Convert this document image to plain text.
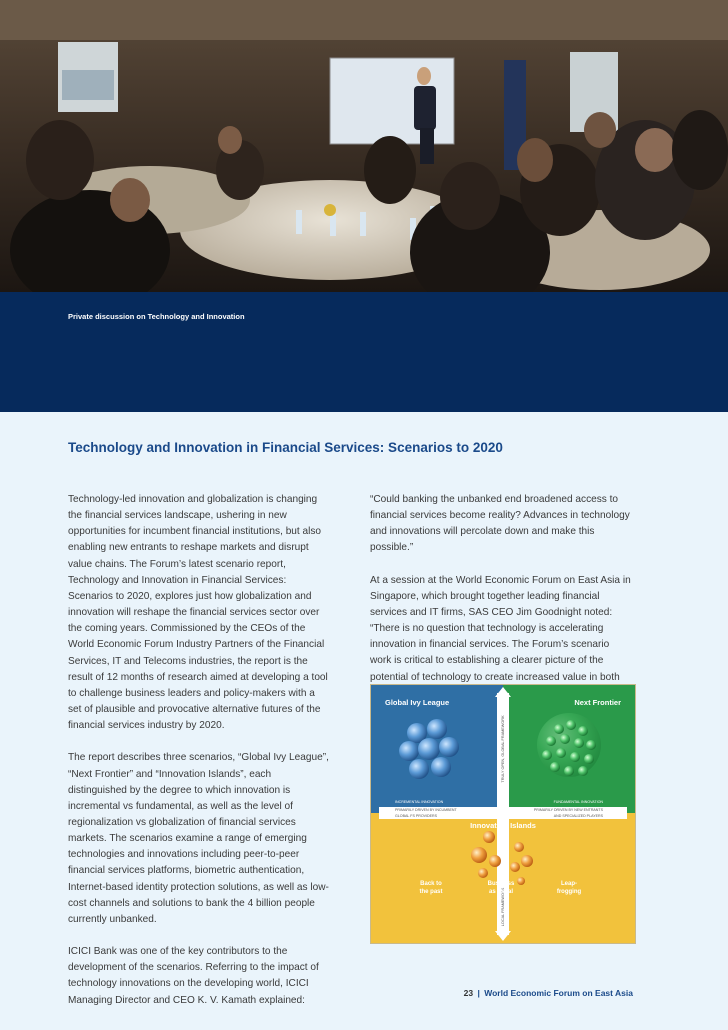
Private discussion on Technology and Innovation
Technology and Innovation in Financial Services: Scenarios to 2020

Technology-led innovation and globalization is changing the financial services landscape, ushering in new opportunities for incumbent financial institutions, but also enabling new entrants to reshape markets and disrupt value chains. The Forum’s latest scenario report, Technology and Innovation in Financial Services: Scenarios to 2020, explores just how globalization and innovation will reshape the financial services sector over the coming years. Commissioned by the CEOs of the World Economic Forum Industry Partners of the Financial Services, IT and Telecoms industries, the report is the result of 12 months of research aimed at developing a tool to challenge business leaders and policy-makers with a set of plausible and provocative alternative futures of the financial services industry by 2020.

The report describes three scenarios, “Global Ivy League”, “Next Frontier” and “Innovation Islands”, each distinguished by the degree to which innovation is incremental vs fundamental, as well as the level of regionalization vs globalization of financial services markets. The scenarios examine a range of emerging technologies and innovations including peer-to-peer financial services platforms, biometric authentication, Internet-based identity protection solutions, as well as low-cost channels and solutions to bank the 4 billion people currently unbanked.

ICICI Bank was one of the key contributors to the development of the scenarios. Referring to the impact of technology innovations on the developing world, ICICI Managing Director and CEO K. V. Kamath explained:

“Could banking the unbanked end broadened access to financial services become reality? Advances in technology and innovations will percolate down and make this possible.”

At a session at the World Economic Forum on East Asia in Singapore, which brought together leading financial services and IT firms, SAS CEO Jim Goodnight noted: “There is no question that technology is accelerating innovation in financial services. The Forum’s scenario work is critical to establishing a clearer picture of the potential of technology to create increased value in both

Global Ivy League	Next Frontier
Innovation Islands
TRULY OPEN, GLOBAL FRAMEWORK
LOCAL FRAMEWORK
INCREMENTAL INNOVATION
PRIMARILY DRIVEN BY INCUMBENT
GLOBAL FS PROVIDERS
FUNDAMENTAL INNOVATION
PRIMARILY DRIVEN BY NEW ENTRANTS
AND SPECIALIZED PLAYERS
Back to
the past
Business
as usual
Leap-
frogging
23 | World Economic Forum on East Asia
